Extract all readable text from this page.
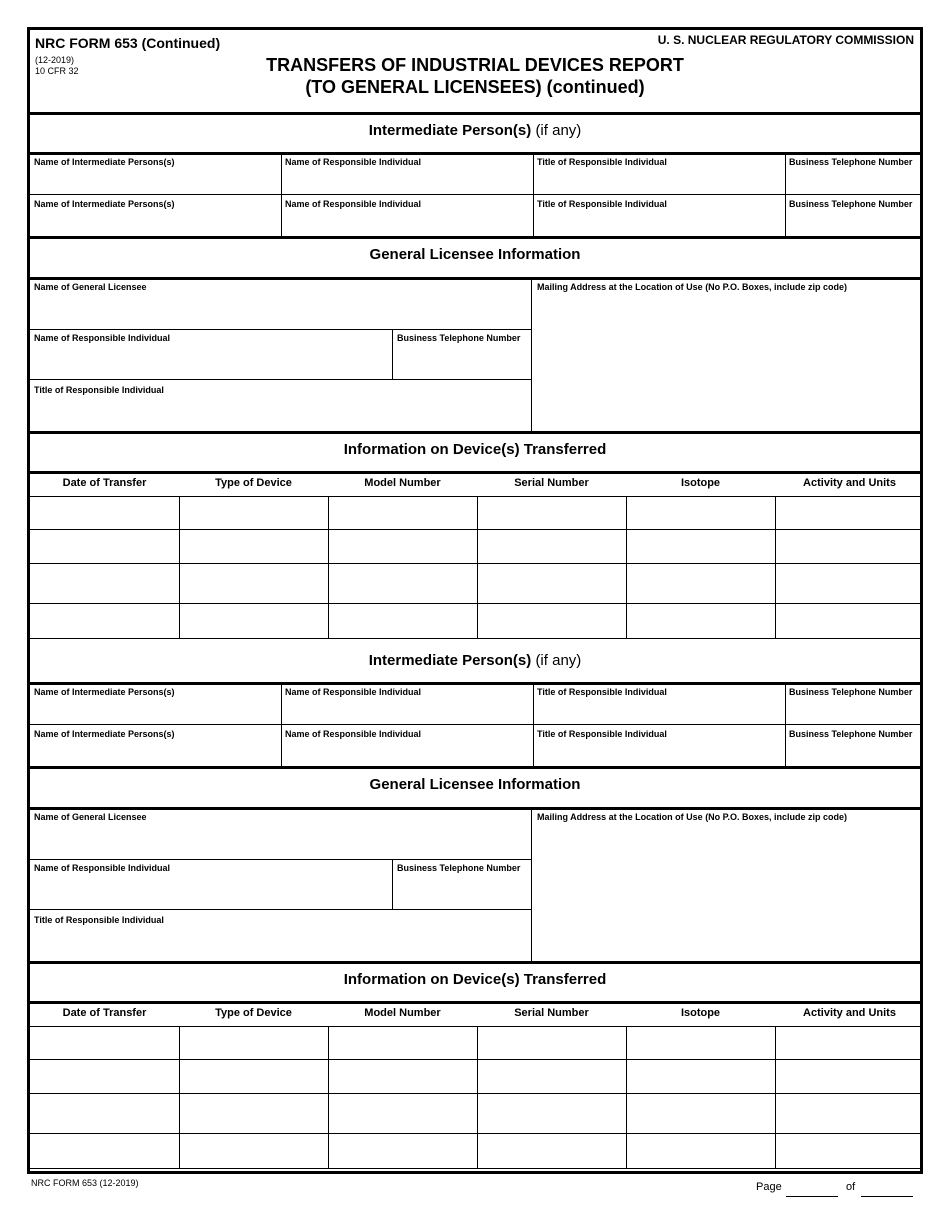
NRC FORM 653 (Continued)
(12-2019)
10 CFR 32
U. S. NUCLEAR REGULATORY COMMISSION
TRANSFERS OF INDUSTRIAL DEVICES REPORT
(TO GENERAL LICENSEES) (continued)
Intermediate Person(s) (if any)
Name of Intermediate Persons(s)	Name of Responsible Individual	Title of Responsible Individual	Business Telephone Number
Name of Intermediate Persons(s)	Name of Responsible Individual	Title of Responsible Individual	Business Telephone Number
General Licensee Information
Name of General Licensee
Name of Responsible Individual	Business Telephone Number
Title of Responsible Individual
Mailing Address at the Location of Use (No P.O. Boxes, include zip code)
Information on Device(s) Transferred
Date of Transfer	Type of Device	Model Number	Serial Number	Isotope	Activity and Units
Intermediate Person(s) (if any)
Name of Intermediate Persons(s)	Name of Responsible Individual	Title of Responsible Individual	Business Telephone Number
Name of Intermediate Persons(s)	Name of Responsible Individual	Title of Responsible Individual	Business Telephone Number
General Licensee Information
Name of General Licensee
Name of Responsible Individual	Business Telephone Number
Title of Responsible Individual
Mailing Address at the Location of Use (No P.O. Boxes, include zip code)
Information on Device(s) Transferred
Date of Transfer	Type of Device	Model Number	Serial Number	Isotope	Activity and Units
NRC FORM 653 (12-2019)	Page	of
